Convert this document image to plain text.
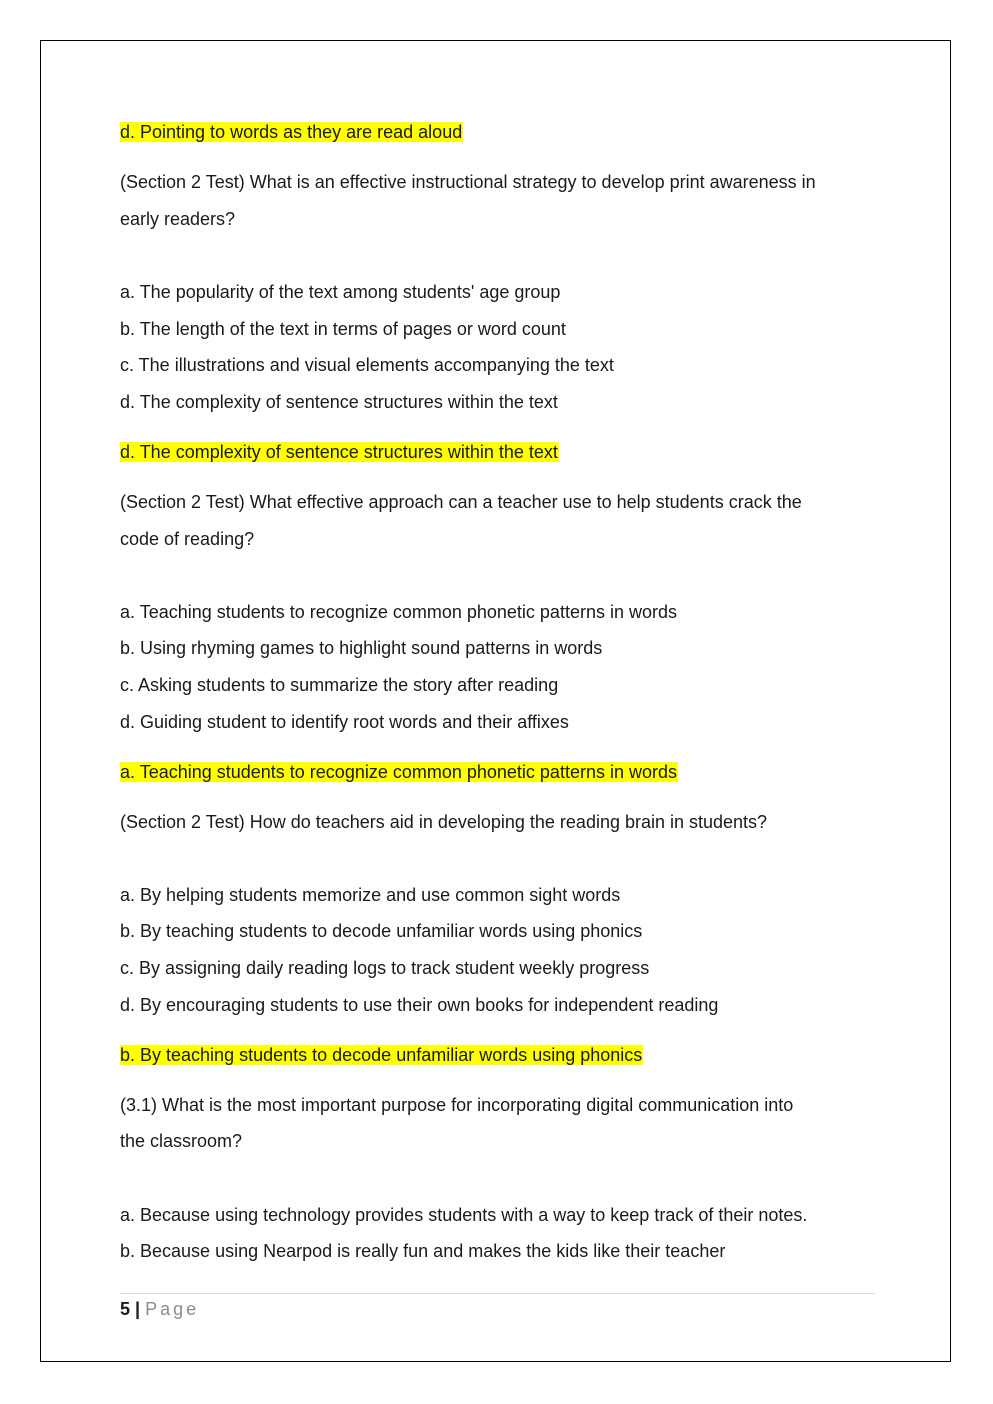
d. Pointing to words as they are read aloud
(Section 2 Test) What is an effective instructional strategy to develop print awareness in
early readers?
a. The popularity of the text among students' age group
b. The length of the text in terms of pages or word count
c. The illustrations and visual elements accompanying the text
d. The complexity of sentence structures within the text
d. The complexity of sentence structures within the text
(Section 2 Test) What effective approach can a teacher use to help students crack the
code of reading?
a. Teaching students to recognize common phonetic patterns in words
b. Using rhyming games to highlight sound patterns in words
c. Asking students to summarize the story after reading
d. Guiding student to identify root words and their affixes
a. Teaching students to recognize common phonetic patterns in words
(Section 2 Test) How do teachers aid in developing the reading brain in students?
a. By helping students memorize and use common sight words
b. By teaching students to decode unfamiliar words using phonics
c. By assigning daily reading logs to track student weekly progress
d. By encouraging students to use their own books for independent reading
b. By teaching students to decode unfamiliar words using phonics
(3.1) What is the most important purpose for incorporating digital communication into
the classroom?
a. Because using technology provides students with a way to keep track of their notes.
b. Because using Nearpod is really fun and makes the kids like their teacher
5 | Page
